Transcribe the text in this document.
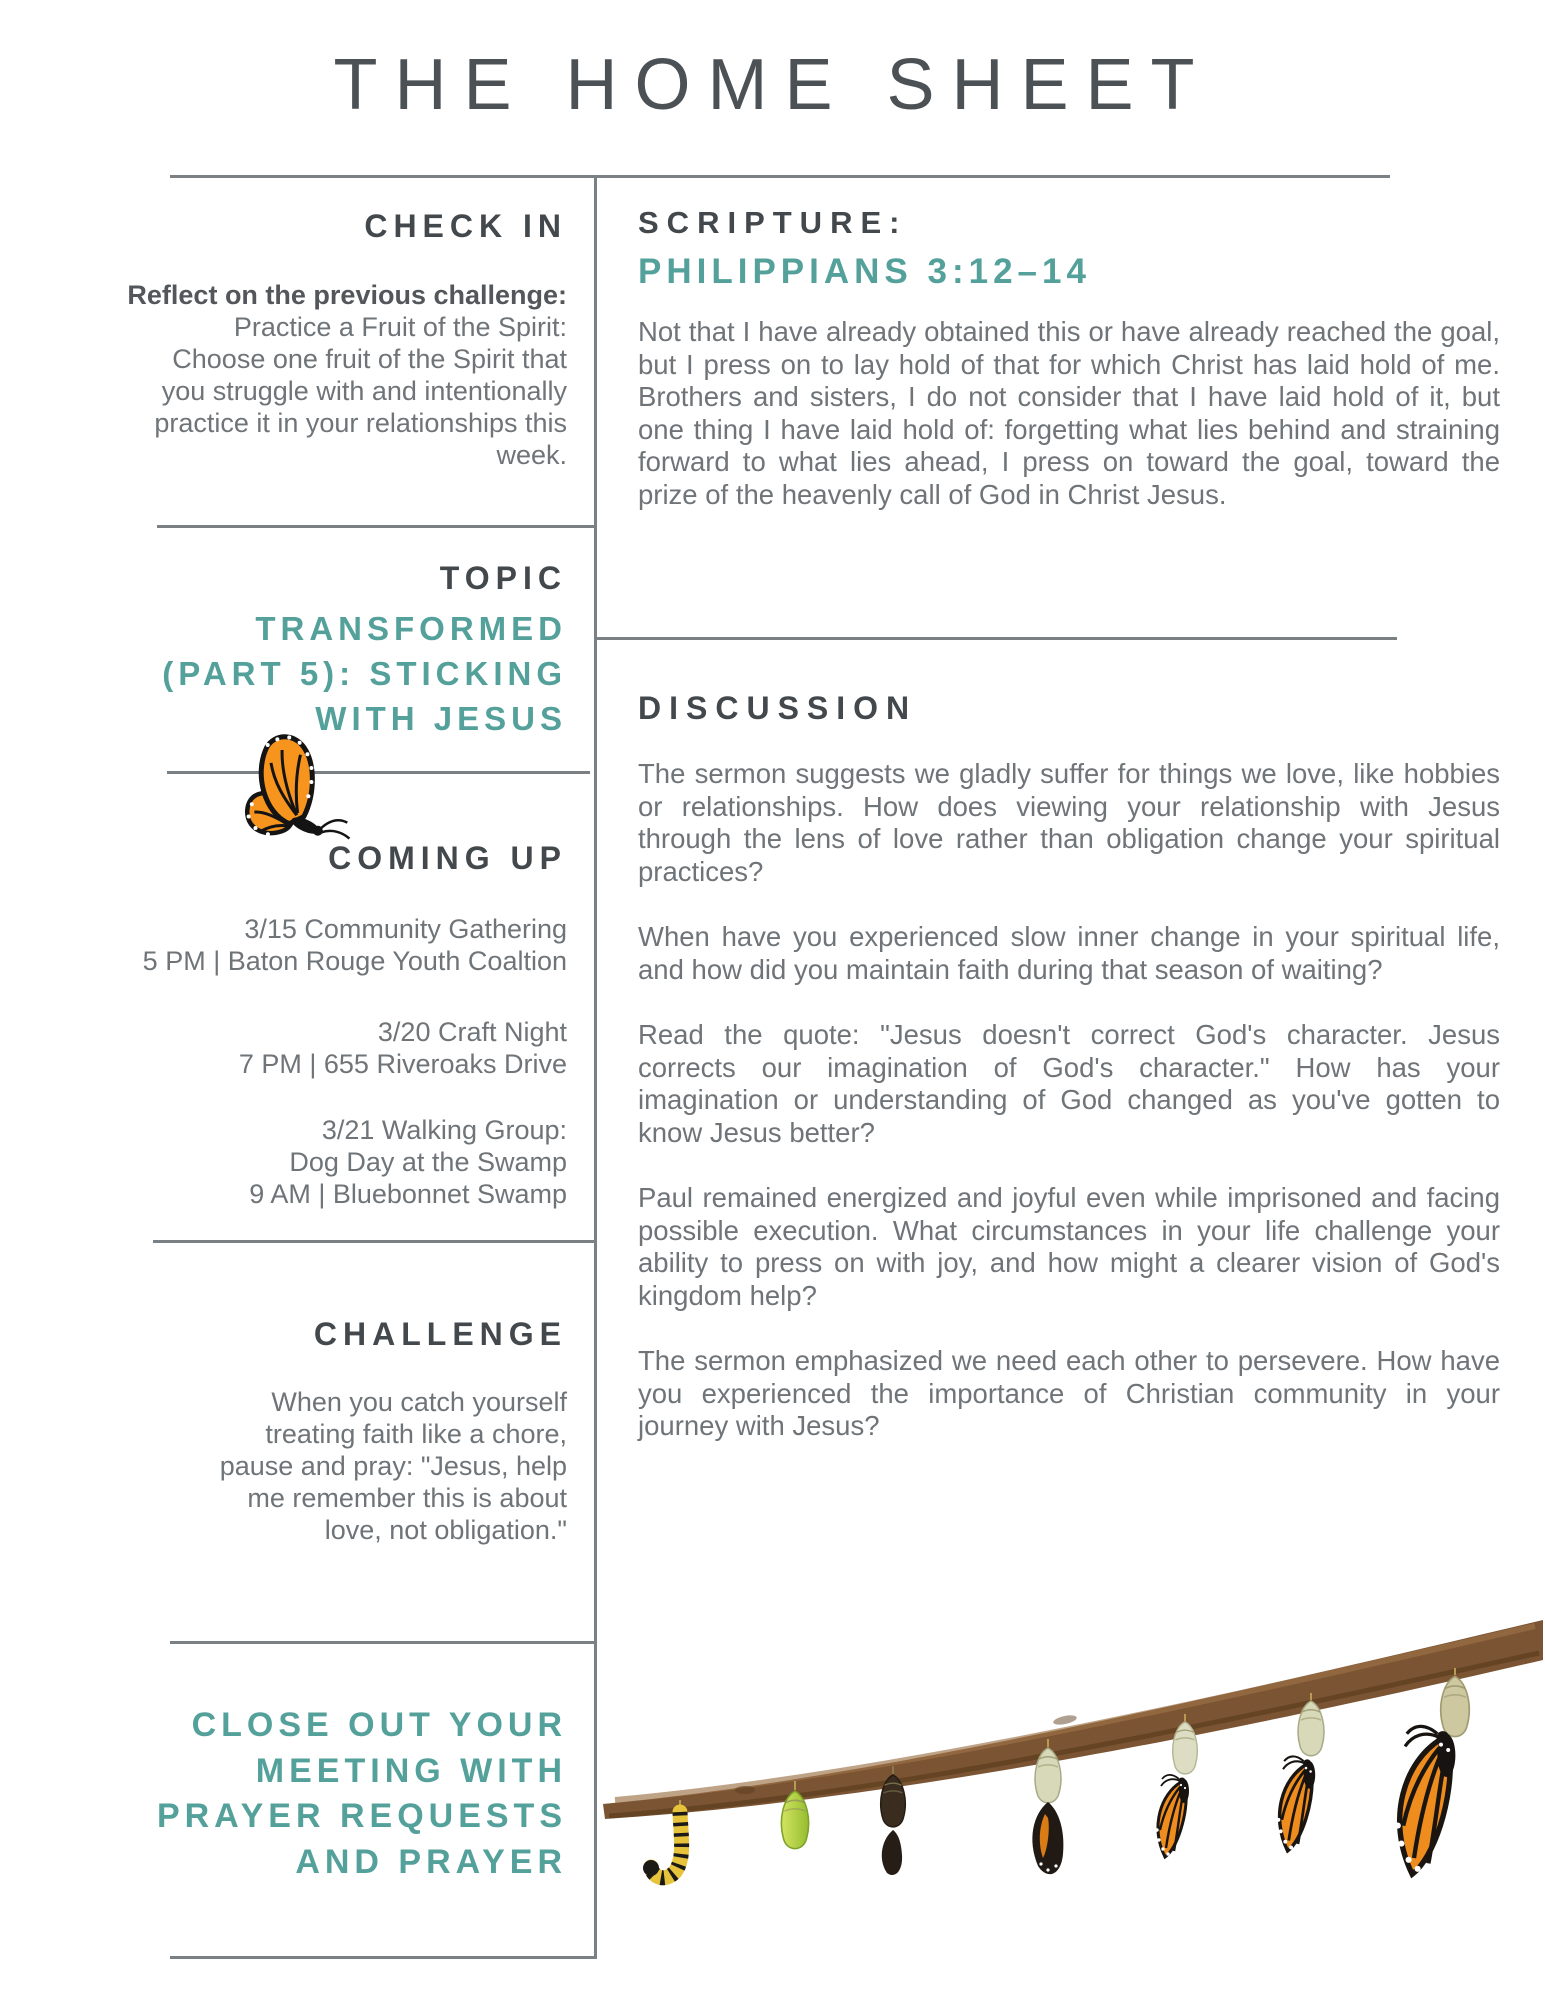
THE HOME SHEET
CHECK IN
Reflect on the previous challenge:
Practice a Fruit of the Spirit:
Choose one fruit of the Spirit that
you struggle with and intentionally
practice it in your relationships this
week.
TOPIC
TRANSFORMED
(PART 5): STICKING
WITH JESUS
COMING UP
3/15 Community Gathering
5 PM | Baton Rouge Youth Coaltion
3/20 Craft Night
7 PM | 655 Riveroaks Drive
3/21 Walking Group:
Dog Day at the Swamp
9 AM | Bluebonnet Swamp
CHALLENGE
When you catch yourself
treating faith like a chore,
pause and pray: "Jesus, help
me remember this is about
love, not obligation."
CLOSE OUT YOUR
MEETING WITH
PRAYER REQUESTS
AND PRAYER
SCRIPTURE:
PHILIPPIANS 3:12–14
Not that I have already obtained this or have already reached the goal, but I press on to lay hold of that for which Christ has laid hold of me. Brothers and sisters, I do not consider that I have laid hold of it, but one thing I have laid hold of: forgetting what lies behind and straining forward to what lies ahead, I press on toward the goal, toward the prize of the heavenly call of God in Christ Jesus.
DISCUSSION

The sermon suggests we gladly suffer for things we love, like hobbies or relationships. How does viewing your relationship with Jesus through the lens of love rather than obligation change your spiritual practices?

When have you experienced slow inner change in your spiritual life, and how did you maintain faith during that season of waiting?

Read the quote: "Jesus doesn't correct God's character. Jesus corrects our imagination of God's character." How has your imagination or understanding of God changed as you've gotten to know Jesus better?

Paul remained energized and joyful even while imprisoned and facing possible execution. What circumstances in your life challenge your ability to press on with joy, and how might a clearer vision of God's kingdom help?

The sermon emphasized we need each other to persevere. How have you experienced the importance of Christian community in your journey with Jesus?
